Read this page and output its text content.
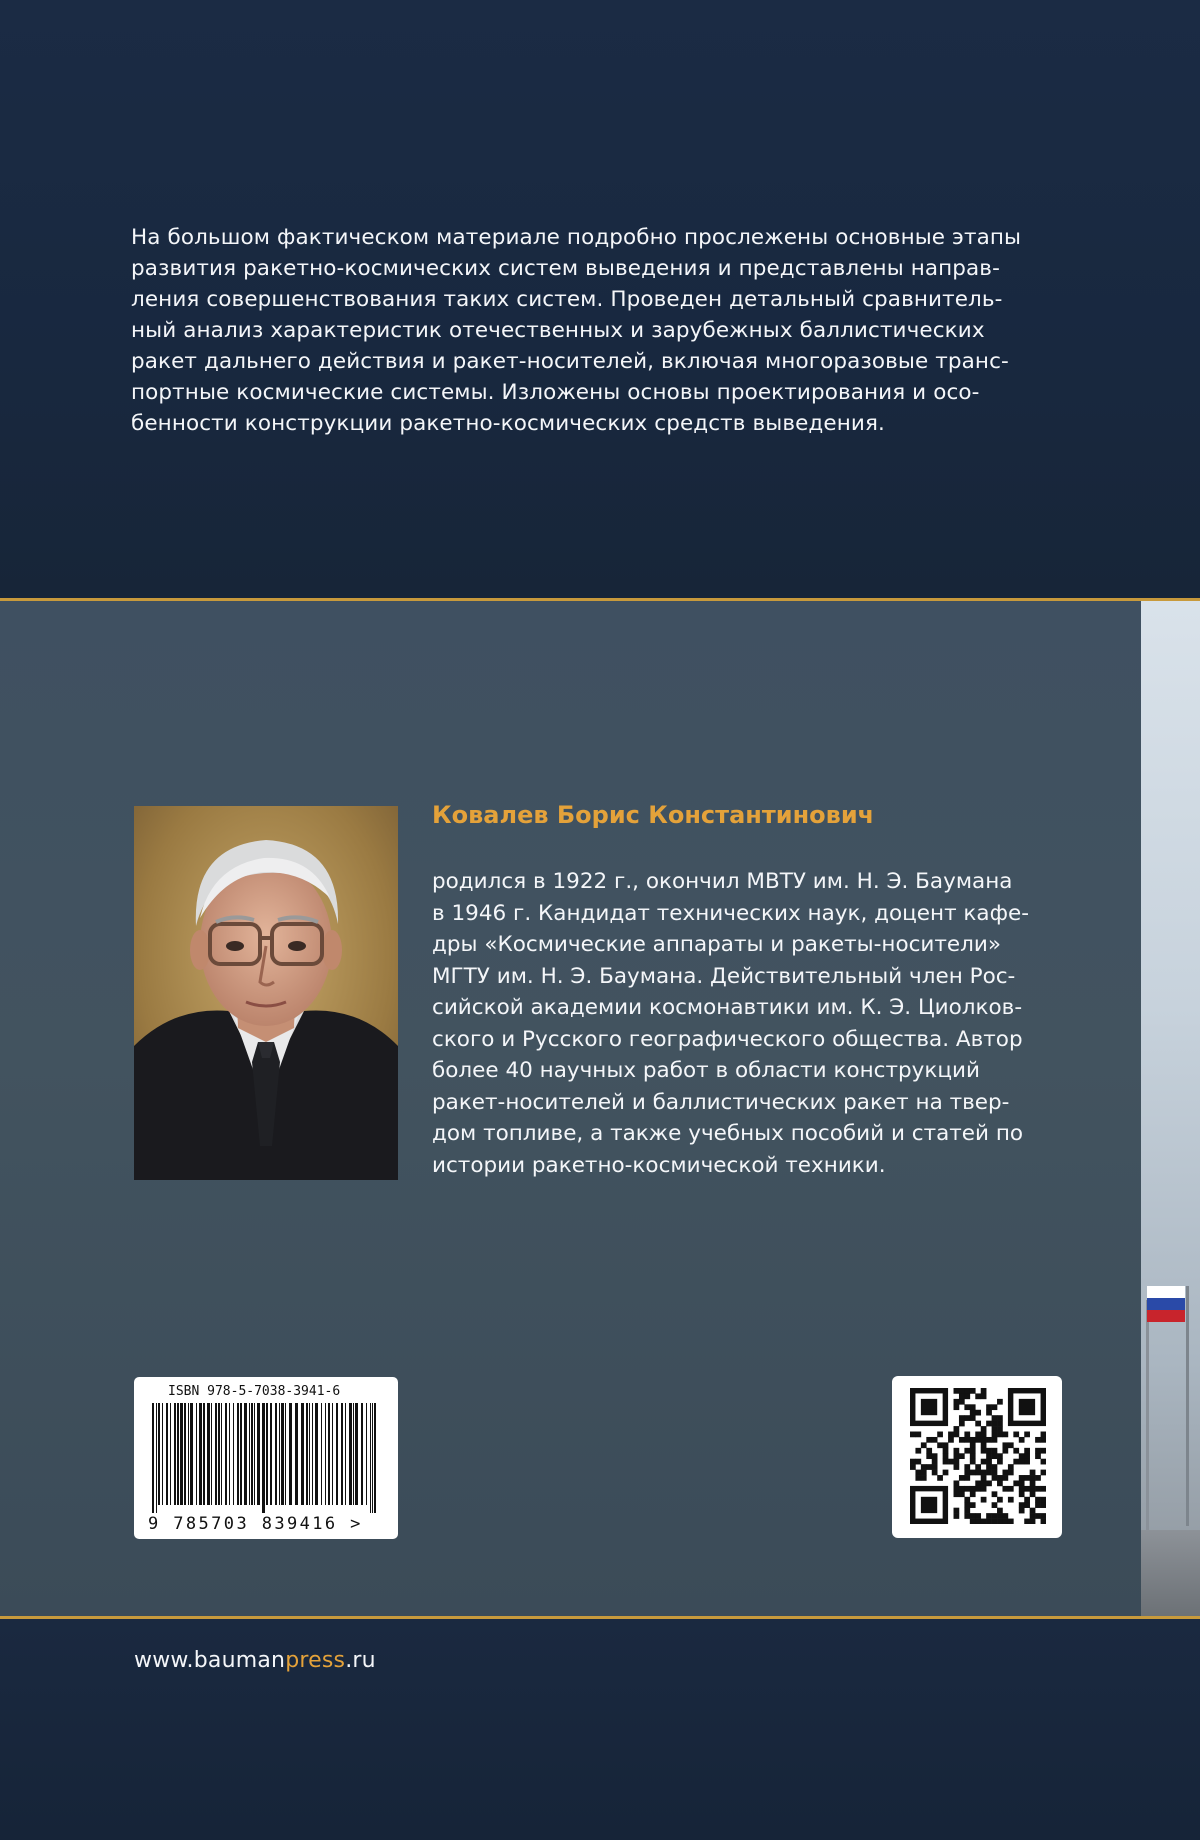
На большом фактическом материале подробно прослежены основные этапы
развития ракетно-космических систем выведения и представлены направ-
ления совершенствования таких систем. Проведен детальный сравнитель-
ный анализ характеристик отечественных и зарубежных баллистических
ракет дальнего действия и ракет-носителей, включая многоразовые транс-
портные космические системы. Изложены основы проектирования и осо-
бенности конструкции ракетно-космических средств выведения.

Ковалев Борис Константинович

родился в 1922 г., окончил МВТУ им. Н. Э. Баумана
в 1946 г. Кандидат технических наук, доцент кафе-
дры «Космические аппараты и ракеты-носители»
МГТУ им. Н. Э. Баумана. Действительный член Рос-
сийской академии космонавтики им. К. Э. Циолков-
ского и Русского географического общества. Автор
более 40 научных работ в области конструкций
ракет-носителей и баллистических ракет на твер-
дом топливе, а также учебных пособий и статей по
истории ракетно-космической техники.

ISBN 978-5-7038-3941-6
9 785703 839416 >

www.baumanpress.ru
